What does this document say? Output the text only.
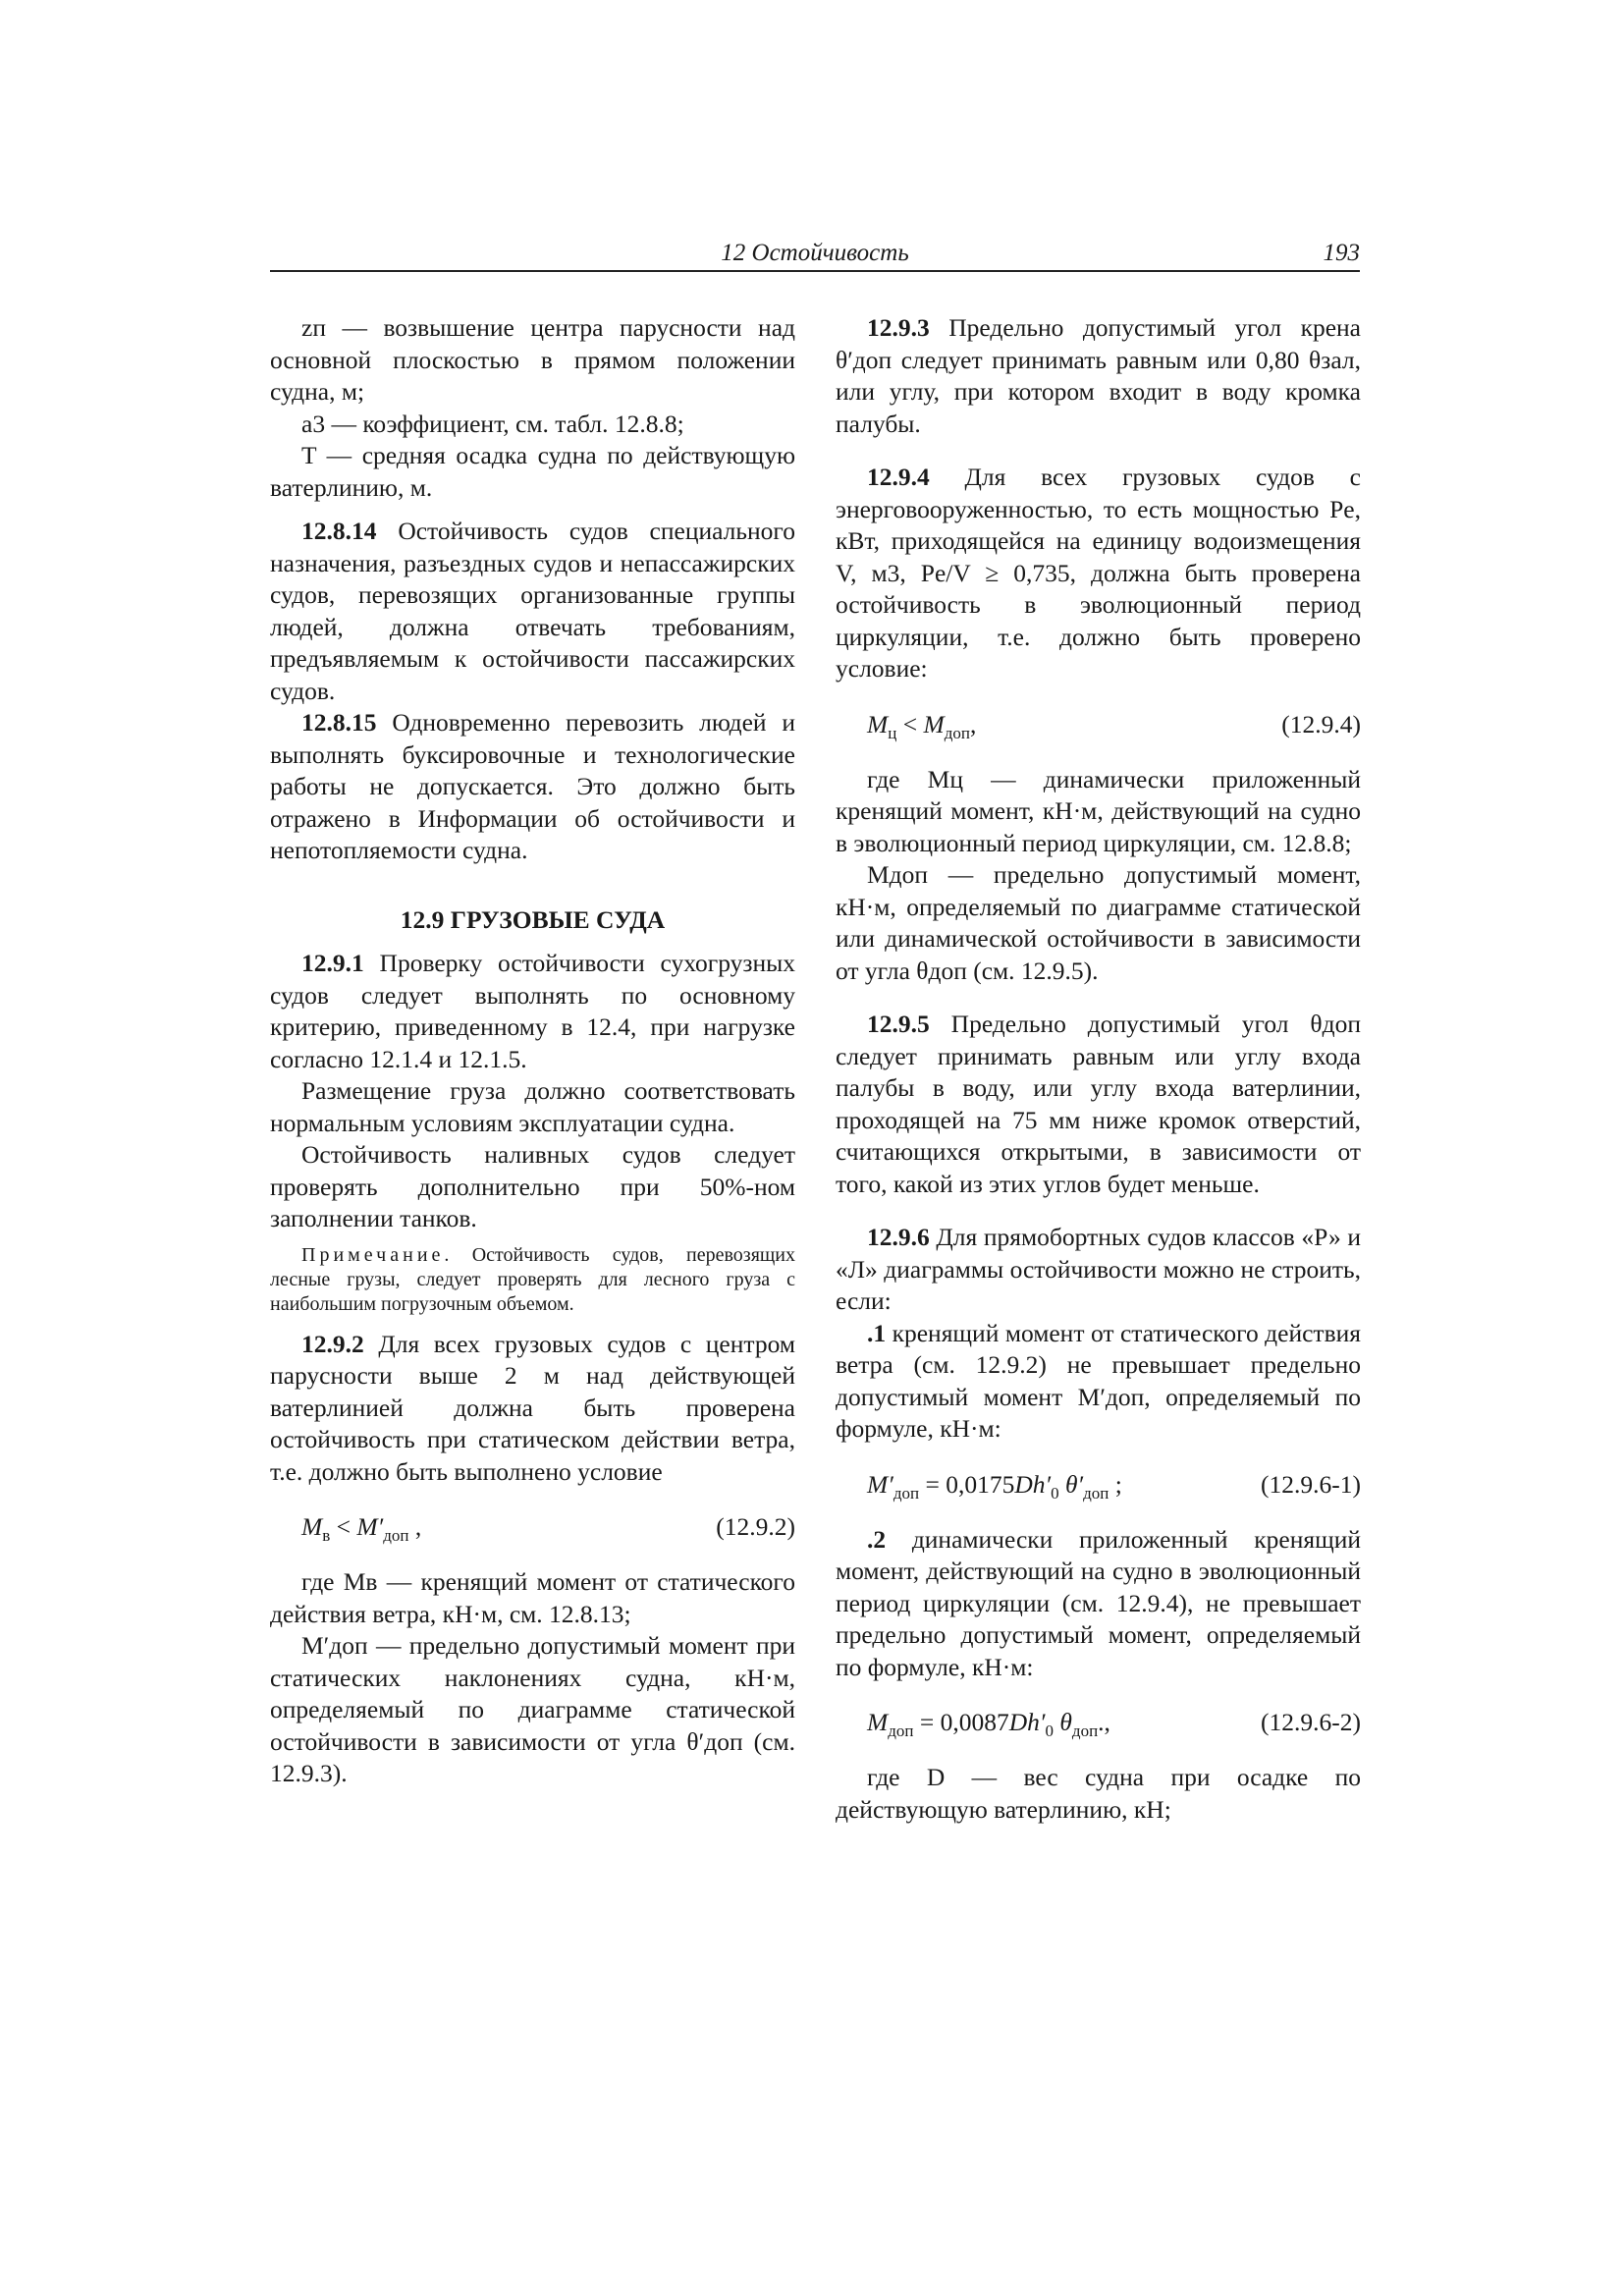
12 Остойчивость	193

zп — возвышение центра парусности над основной плоскостью в прямом положении судна, м;

a3 — коэффициент, см. табл. 12.8.8;

T — средняя осадка судна по действующую ватерлинию, м.

12.8.14 Остойчивость судов специального назначения, разъездных судов и непассажирских судов, перевозящих организованные группы людей, должна отвечать требованиям, предъявляемым к остойчивости пассажирских судов.

12.8.15 Одновременно перевозить людей и выполнять буксировочные и технологические работы не допускается. Это должно быть отражено в Информации об остойчивости и непотопляемости судна.

12.9 ГРУЗОВЫЕ СУДА

12.9.1 Проверку остойчивости сухогрузных судов следует выполнять по основному критерию, приведенному в 12.4, при нагрузке согласно 12.1.4 и 12.1.5.

Размещение груза должно соответствовать нормальным условиям эксплуатации судна.

Остойчивость наливных судов следует проверять дополнительно при 50%-ном заполнении танков.

Примечание. Остойчивость судов, перевозящих лесные грузы, следует проверять для лесного груза с наибольшим погрузочным объемом.

12.9.2 Для всех грузовых судов с центром парусности выше 2 м над действующей ватерлинией должна быть проверена остойчивость при статическом действии ветра, т.е. должно быть выполнено условие

$M_в < M'_{доп}$ ,	(12.9.2)

где Mв — кренящий момент от статического действия ветра, кН·м, см. 12.8.13;

M′доп — предельно допустимый момент при статических наклонениях судна, кН·м, определяемый по диаграмме статической остойчивости в зависимости от угла θ′доп (см. 12.9.3).

12.9.3 Предельно допустимый угол крена θ′доп следует принимать равным или 0,80 θзал, или углу, при котором входит в воду кромка палубы.

12.9.4 Для всех грузовых судов с энерговооруженностью, то есть мощностью Pe, кВт, приходящейся на единицу водоизмещения V, м3, Pe/V ≥ 0,735, должна быть проверена остойчивость в эволюционный период циркуляции, т.е. должно быть проверено условие:

$M_ц < M_{доп}$,	(12.9.4)

где Mц — динамически приложенный кренящий момент, кН·м, действующий на судно в эволюционный период циркуляции, см. 12.8.8;

Mдоп — предельно допустимый момент, кН·м, определяемый по диаграмме статической или динамической остойчивости в зависимости от угла θдоп (см. 12.9.5).

12.9.5 Предельно допустимый угол θдоп следует принимать равным или углу входа палубы в воду, или углу входа ватерлинии, проходящей на 75 мм ниже кромок отверстий, считающихся открытыми, в зависимости от того, какой из этих углов будет меньше.

12.9.6 Для прямобортных судов классов «Р» и «Л» диаграммы остойчивости можно не строить, если:

.1 кренящий момент от статического действия ветра (см. 12.9.2) не превышает предельно допустимый момент M′доп, определяемый по формуле, кН·м:

$M'_{доп} = 0,0175Dh'_0$ $\theta'_{доп}$ ;	(12.9.6-1)

.2 динамически приложенный кренящий момент, действующий на судно в эволюционный период циркуляции (см. 12.9.4), не превышает предельно допустимый момент, определяемый по формуле, кН·м:

$M_{доп} = 0,0087Dh'_0$ $\theta_{доп}$.,	(12.9.6-2)

где D — вес судна при осадке по действующую ватерлинию, кН;
